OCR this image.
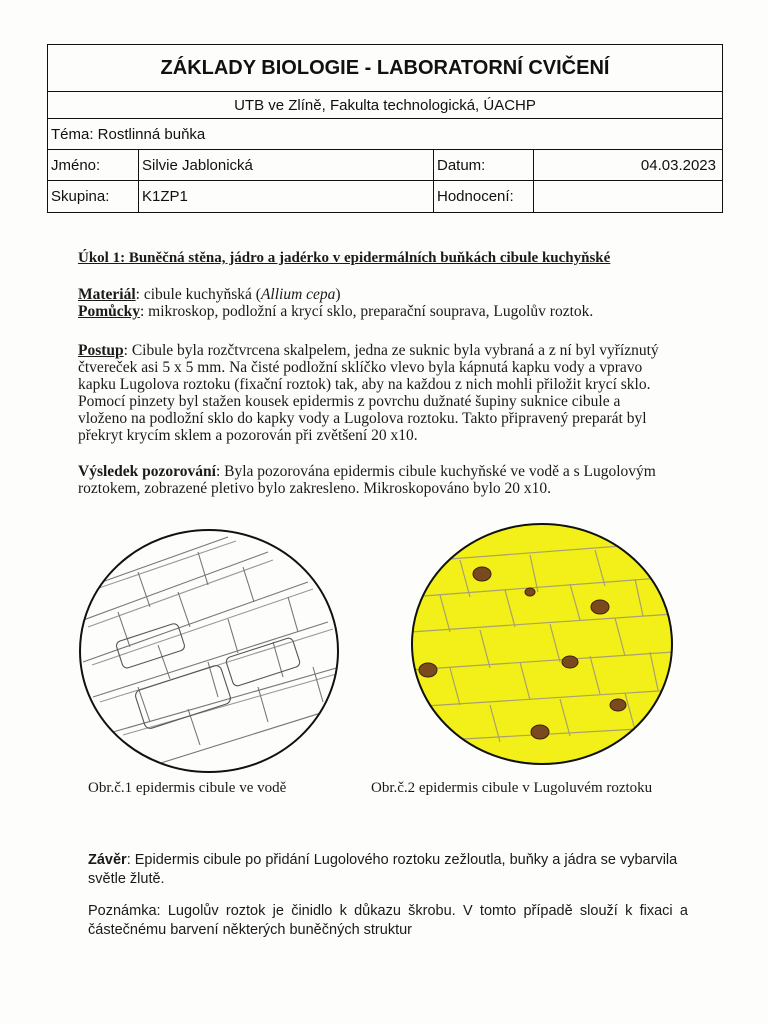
ZÁKLADY BIOLOGIE - LABORATORNÍ CVIČENÍ
UTB ve Zlíně, Fakulta technologická, ÚACHP
Téma: Rostlinná buňka
Jméno:	Silvie Jablonická	Datum:	04.03.2023
Skupina:	K1ZP1	Hodnocení:
Úkol 1: Buněčná stěna, jádro a jadérko v epidermálních buňkách cibule kuchyňské
Materiál: cibule kuchyňská (Allium cepa)
Pomůcky: mikroskop, podložní a krycí sklo, preparační souprava, Lugolův roztok.
Postup: Cibule byla rozčtvrcena skalpelem, jedna ze suknic byla vybraná a z ní byl vyříznutý
čtvereček asi 5 x 5 mm. Na čisté podložní sklíčko vlevo byla kápnutá kapku vody a vpravo
kapku Lugolova roztoku (fixační roztok) tak, aby na každou z nich mohli přiložit krycí sklo.
Pomocí pinzety byl stažen kousek epidermis z povrchu dužnaté šupiny suknice cibule a
vloženo na podložní sklo do kapky vody a Lugolova roztoku. Takto připravený preparát byl
překryt krycím sklem a pozorován při zvětšení 20 x10.
Výsledek pozorování: Byla pozorována epidermis cibule kuchyňské ve vodě a s Lugolovým
roztokem, zobrazené pletivo bylo zakresleno. Mikroskopováno bylo 20 x10.
Obr.č.1 epidermis cibule ve vodě	Obr.č.2 epidermis cibule v Lugoluvém roztoku
Závěr: Epidermis cibule po přidání Lugolového roztoku zežloutla, buňky a jádra se vybarvila světle žlutě.
Poznámka: Lugolův roztok je činidlo k důkazu škrobu. V tomto případě slouží k fixaci a částečnému barvení některých buněčných struktur
